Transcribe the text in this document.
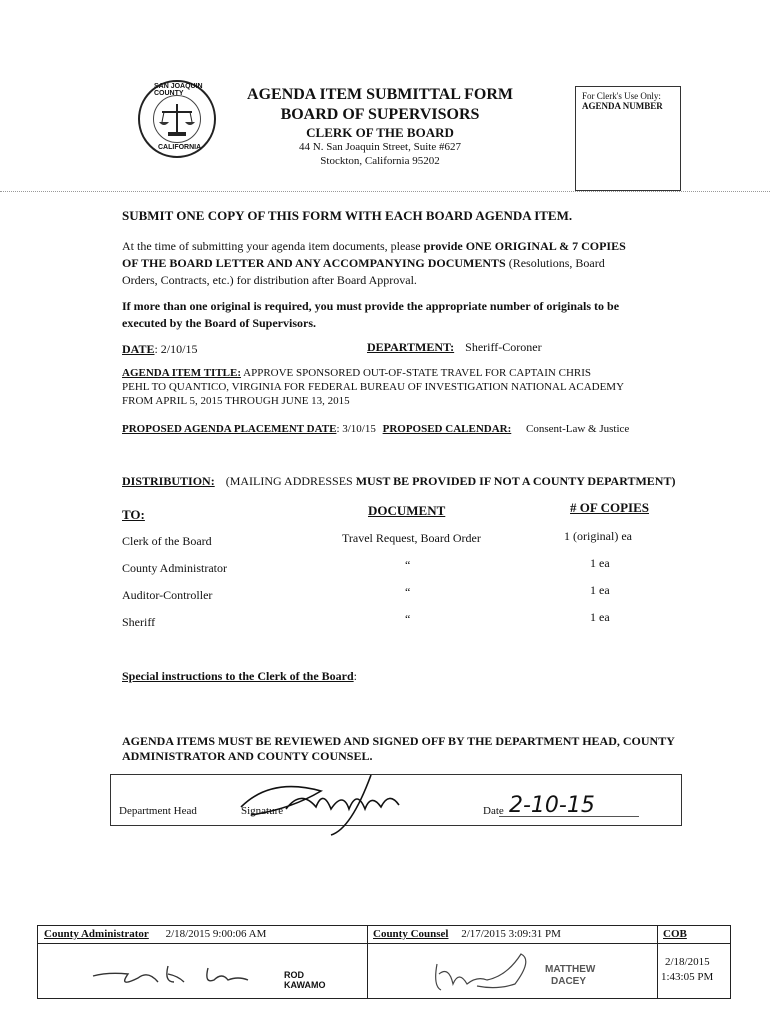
SAN JOAQUIN COUNTY
CALIFORNIA
AGENDA ITEM SUBMITTAL FORM
BOARD OF SUPERVISORS
CLERK OF THE BOARD
44 N. San Joaquin Street, Suite #627
Stockton, California 95202
For Clerk's Use Only:
AGENDA NUMBER
SUBMIT ONE COPY OF THIS FORM WITH EACH BOARD AGENDA ITEM.
At the time of submitting your agenda item documents, please provide ONE ORIGINAL & 7 COPIES
OF THE BOARD LETTER AND ANY ACCOMPANYING DOCUMENTS (Resolutions, Board
Orders, Contracts, etc.) for distribution after Board Approval.
If more than one original is required, you must provide the appropriate number of originals to be
executed by the Board of Supervisors.
DATE: 2/10/15	DEPARTMENT: Sheriff-Coroner
AGENDA ITEM TITLE: APPROVE SPONSORED OUT-OF-STATE TRAVEL FOR CAPTAIN CHRIS
PEHL TO QUANTICO, VIRGINIA FOR FEDERAL BUREAU OF INVESTIGATION NATIONAL ACADEMY
FROM APRIL 5, 2015 THROUGH JUNE 13, 2015
PROPOSED AGENDA PLACEMENT DATE: 3/10/15 PROPOSED CALENDAR: Consent-Law & Justice
DISTRIBUTION: (MAILING ADDRESSES MUST BE PROVIDED IF NOT A COUNTY DEPARTMENT)
TO:	DOCUMENT	# OF COPIES
Clerk of the Board	Travel Request, Board Order	1 (original) ea
County Administrator	“	1 ea
Auditor-Controller	“	1 ea
Sheriff	“	1 ea
Special instructions to the Clerk of the Board:
AGENDA ITEMS MUST BE REVIEWED AND SIGNED OFF BY THE DEPARTMENT HEAD, COUNTY
ADMINISTRATOR AND COUNTY COUNSEL.
Department Head	Signature	Date 2-10-15
County Administrator 2/18/2015 9:00:06 AM
ROD
KAWAMO
County Counsel 2/17/2015 3:09:31 PM
MATTHEW
DACEY
COB
2/18/2015
1:43:05 PM
